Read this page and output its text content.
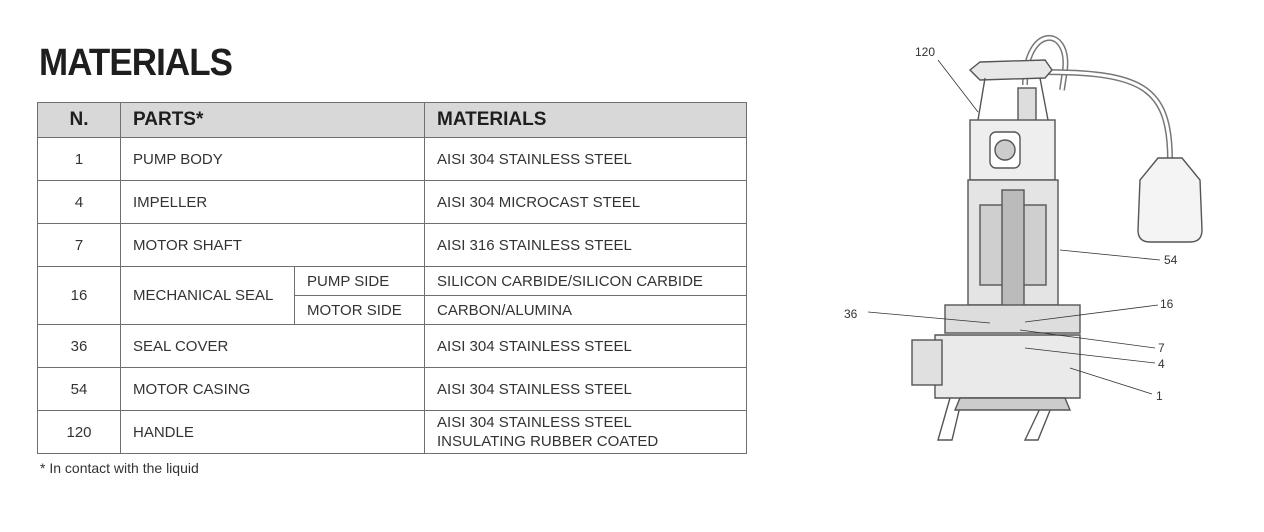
MATERIALS
N.	PARTS*		MATERIALS
1	PUMP BODY		AISI 304 STAINLESS STEEL
4	IMPELLER		AISI 304 MICROCAST STEEL
7	MOTOR SHAFT		AISI 316 STAINLESS STEEL
16	MECHANICAL SEAL	PUMP SIDE	SILICON CARBIDE/SILICON CARBIDE
		MOTOR SIDE	CARBON/ALUMINA
36	SEAL COVER		AISI 304 STAINLESS STEEL
54	MOTOR CASING		AISI 304 STAINLESS STEEL
120	HANDLE		AISI 304 STAINLESS STEEL
INSULATING RUBBER COATED
* In contact with the liquid
120
54
36
16
7
4
1
